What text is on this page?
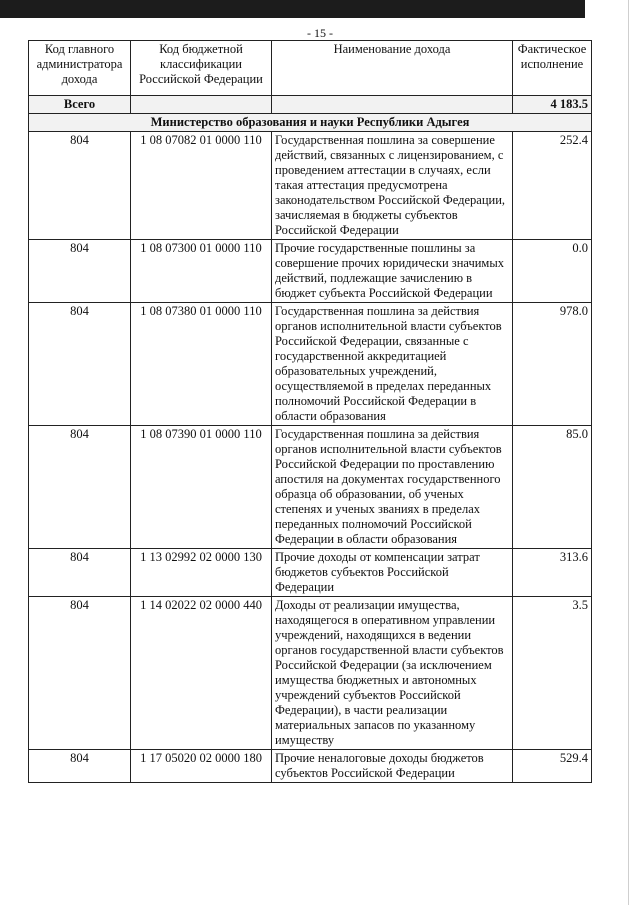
- 15 -
Код главного администратора дохода	Код бюджетной классификации Российской Федерации	Наименование дохода	Фактическое исполнение
Всего			4 183.5
Министерство образования и науки Республики Адыгея			
804	1 08 07082 01 0000 110	Государственная пошлина за совершение действий, связанных с лицензированием, с проведением аттестации в случаях, если такая аттестация предусмотрена законодательством Российской Федерации, зачисляемая в бюджеты субъектов Российской Федерации	252.4
804	1 08 07300 01 0000 110	Прочие государственные пошлины за совершение прочих юридически значимых действий, подлежащие зачислению в бюджет субъекта Российской Федерации	0.0
804	1 08 07380 01 0000 110	Государственная пошлина за действия органов исполнительной власти субъектов Российской Федерации, связанные с государственной аккредитацией образовательных учреждений, осуществляемой в пределах переданных полномочий Российской Федерации в области образования	978.0
804	1 08 07390 01 0000 110	Государственная пошлина за действия органов исполнительной власти субъектов Российской Федерации по проставлению апостиля на документах государственного образца об образовании, об ученых степенях и ученых званиях в пределах переданных полномочий Российской Федерации в области образования	85.0
804	1 13 02992 02 0000 130	Прочие доходы от компенсации затрат бюджетов субъектов Российской Федерации	313.6
804	1 14 02022 02 0000 440	Доходы от реализации имущества, находящегося в оперативном управлении учреждений, находящихся в ведении органов государственной власти субъектов Российской Федерации (за исключением имущества бюджетных и автономных учреждений субъектов Российской Федерации), в части реализации материальных запасов по указанному имуществу	3.5
804	1 17 05020 02 0000 180	Прочие неналоговые доходы бюджетов субъектов Российской Федерации	529.4
